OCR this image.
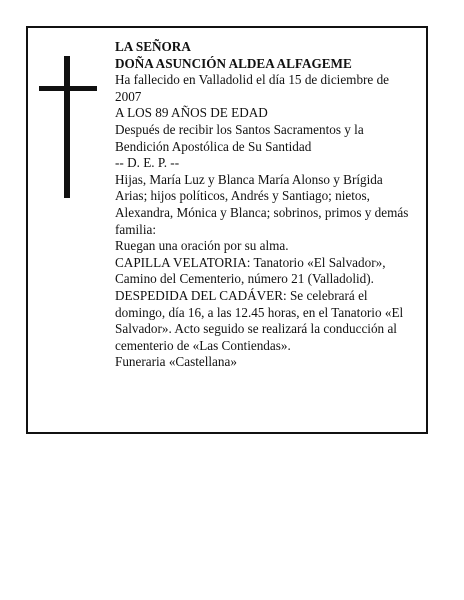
LA SEÑORA

DOÑA ASUNCIÓN ALDEA ALFAGEME

Ha fallecido en Valladolid el día 15 de diciembre de 2007

A LOS 89 AÑOS DE EDAD

Después de recibir los Santos Sacramentos y la Bendición Apostólica de Su Santidad

-- D. E. P. --

Hijas, María Luz y Blanca María Alonso y Brígida Arias; hijos políticos, Andrés y Santiago; nietos, Alexandra, Mónica y Blanca; sobrinos, primos y demás familia:

Ruegan una oración por su alma.

CAPILLA VELATORIA: Tanatorio «El Salvador», Camino del Cementerio, número 21 (Valladolid).

DESPEDIDA DEL CADÁVER: Se celebrará el domingo, día 16, a las 12.45 horas, en el Tanatorio «El Salvador». Acto seguido se realizará la conducción al cementerio de «Las Contiendas».

Funeraria «Castellana»
